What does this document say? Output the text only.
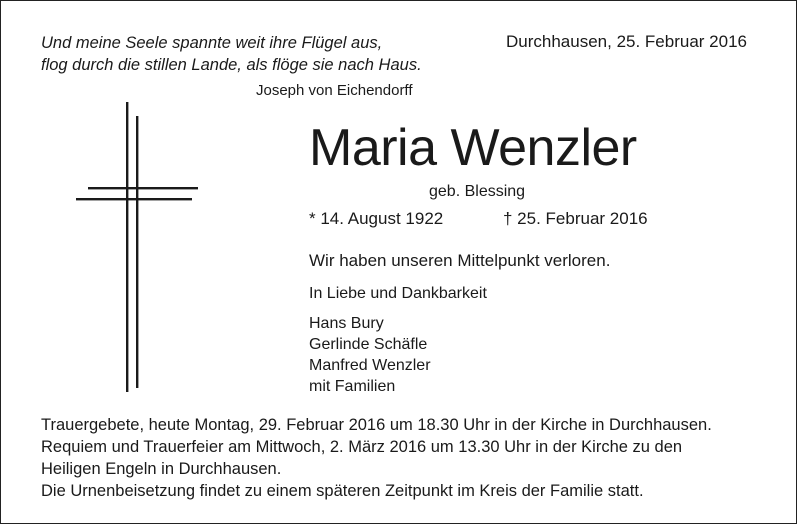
Und meine Seele spannte weit ihre Flügel aus,
flog durch die stillen Lande, als flöge sie nach Haus.
Joseph von Eichendorff
Durchhausen, 25. Februar 2016
Maria Wenzler
geb. Blessing
* 14. August 1922	† 25. Februar 2016
Wir haben unseren Mittelpunkt verloren.
In Liebe und Dankbarkeit
Hans Bury
Gerlinde Schäfle
Manfred Wenzler
mit Familien
Trauergebete, heute Montag, 29. Februar 2016 um 18.30 Uhr in der Kirche in Durchhausen.
Requiem und Trauerfeier am Mittwoch, 2. März 2016 um 13.30 Uhr in der Kirche zu den
Heiligen Engeln in Durchhausen.
Die Urnenbeisetzung findet zu einem späteren Zeitpunkt im Kreis der Familie statt.
